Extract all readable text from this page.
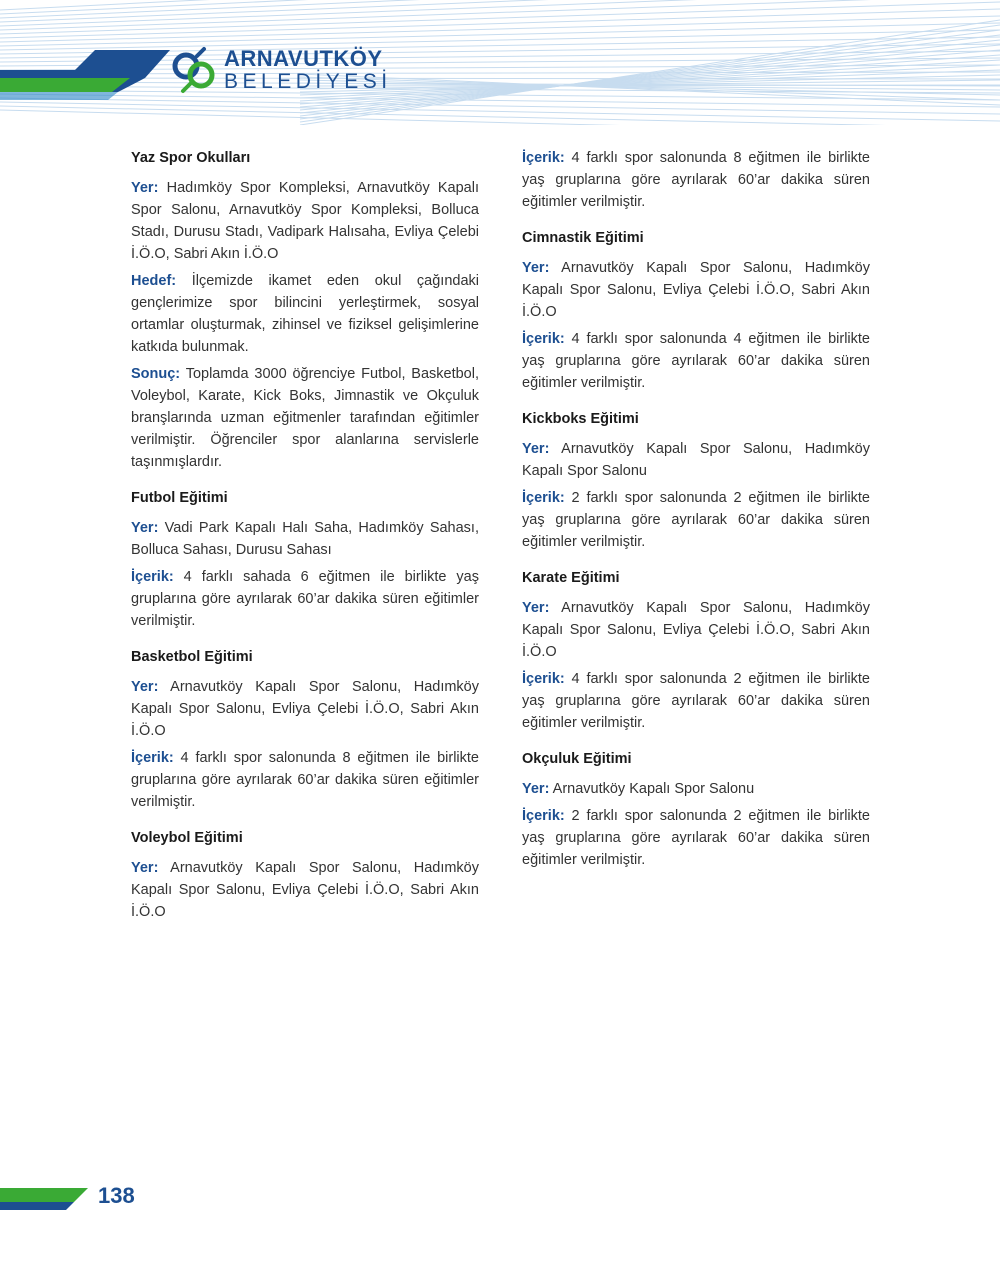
ARNAVUTKÖY
BELEDİYESİ
Yaz Spor Okulları

Yer: Hadımköy Spor Kompleksi, Arnavutköy Kapalı Spor Salonu, Arnavutköy Spor Kompleksi, Bolluca Stadı, Durusu Stadı, Vadipark Halısaha, Evliya Çelebi İ.Ö.O, Sabri Akın İ.Ö.O

Hedef: İlçemizde ikamet eden okul çağındaki gençlerimize spor bilincini yerleştirmek, sosyal ortamlar oluşturmak, zihinsel ve fiziksel gelişimlerine katkıda bulunmak.

Sonuç: Toplamda 3000 öğrenciye Futbol, Basketbol, Voleybol, Karate, Kick Boks, Jimnastik ve Okçuluk branşlarında uzman eğitmenler tarafından eğitimler verilmiştir. Öğrenciler spor alanlarına servislerle taşınmışlardır.

Futbol Eğitimi

Yer: Vadi Park Kapalı Halı Saha, Hadımköy Sahası, Bolluca Sahası, Durusu Sahası

İçerik: 4 farklı sahada 6 eğitmen ile birlikte yaş gruplarına göre ayrılarak 60’ar dakika süren eğitimler verilmiştir.

Basketbol Eğitimi

Yer: Arnavutköy Kapalı Spor Salonu, Hadımköy Kapalı Spor Salonu, Evliya Çelebi İ.Ö.O, Sabri Akın İ.Ö.O

İçerik: 4 farklı spor salonunda 8 eğitmen ile birlikte gruplarına göre ayrılarak 60’ar dakika süren eğitimler verilmiştir.

Voleybol Eğitimi

Yer: Arnavutköy Kapalı Spor Salonu, Hadımköy Kapalı Spor Salonu, Evliya Çelebi İ.Ö.O, Sabri Akın İ.Ö.O

İçerik: 4 farklı spor salonunda 8 eğitmen ile birlikte yaş gruplarına göre ayrılarak 60’ar dakika süren eğitimler verilmiştir.

Cimnastik Eğitimi

Yer: Arnavutköy Kapalı Spor Salonu, Hadımköy Kapalı Spor Salonu, Evliya Çelebi İ.Ö.O, Sabri Akın İ.Ö.O

İçerik: 4 farklı spor salonunda 4 eğitmen ile birlikte yaş gruplarına göre ayrılarak 60’ar dakika süren eğitimler verilmiştir.

Kickboks Eğitimi

Yer: Arnavutköy Kapalı Spor Salonu, Hadımköy Kapalı Spor Salonu

İçerik: 2 farklı spor salonunda 2 eğitmen ile birlikte yaş gruplarına göre ayrılarak 60’ar dakika süren eğitimler verilmiştir.

Karate Eğitimi

Yer: Arnavutköy Kapalı Spor Salonu, Hadımköy Kapalı Spor Salonu, Evliya Çelebi İ.Ö.O, Sabri Akın İ.Ö.O

İçerik: 4 farklı spor salonunda 2 eğitmen ile birlikte yaş gruplarına göre ayrılarak 60’ar dakika süren eğitimler verilmiştir.

Okçuluk Eğitimi

Yer: Arnavutköy Kapalı Spor Salonu

İçerik: 2 farklı spor salonunda 2 eğitmen ile birlikte yaş gruplarına göre ayrılarak 60’ar dakika süren eğitimler verilmiştir.

138
